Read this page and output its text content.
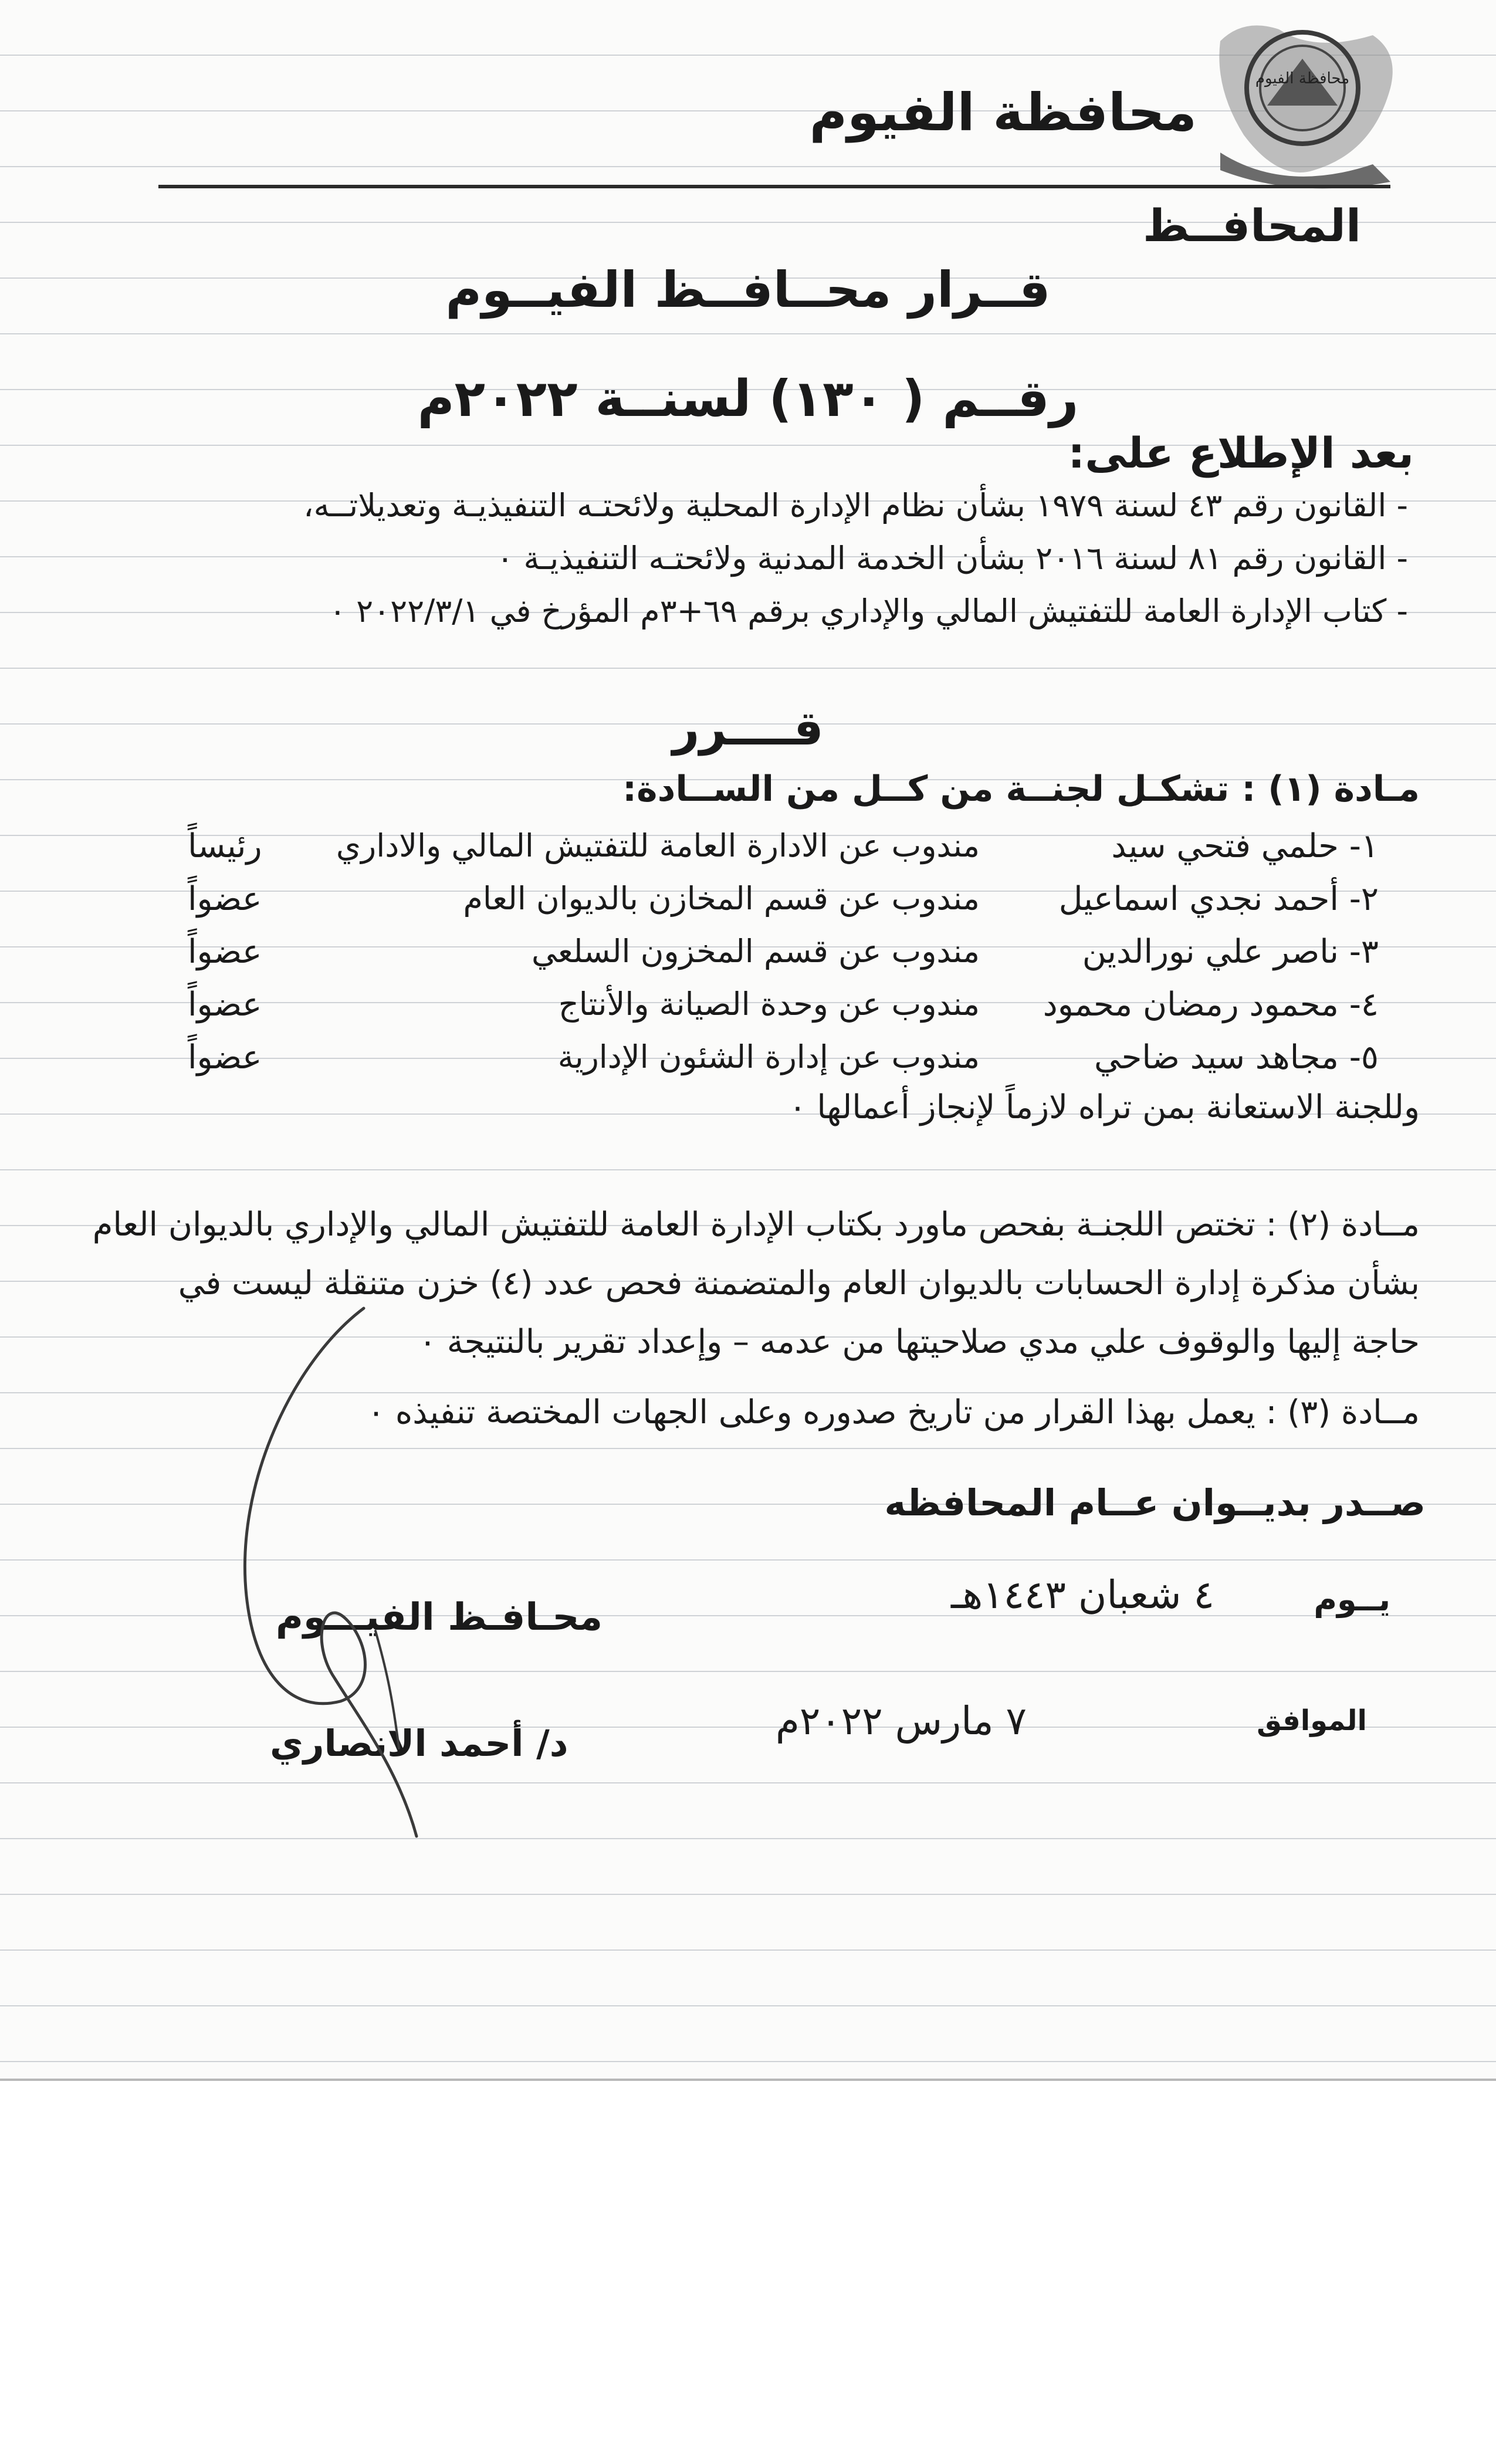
محافظة الفيوم
محافظة الفيوم
المحافــظ
قــرار محــافــظ الفيــوم
رقــم ( ١٣٠) لسنــة ٢٠٢٢م
بعد الإطلاع على:
- القانون رقم ٤٣ لسنة ١٩٧٩ بشأن نظام الإدارة المحلية ولائحتـه التنفيذيـة وتعديلاتــه،
- القانون رقم ٨١ لسنة ٢٠١٦ بشأن الخدمة المدنية ولائحتـه التنفيذيـة ٠
- كتاب الإدارة العامة للتفتيش المالي والإداري برقم ٦٩+٣م المؤرخ في ٢٠٢٢/٣/١ ٠
قــــرر
مـادة (١) : تشكـل لجنــة من كــل من الســادة:
١- حلمي فتحي سيد
مندوب عن الادارة العامة للتفتيش المالي والاداري
رئيساً
٢- أحمد نجدي اسماعيل
مندوب عن قسم المخازن بالديوان العام
عضواً
٣- ناصر علي نورالدين
مندوب عن قسم المخزون السلعي
عضواً
٤- محمود رمضان محمود
مندوب عن وحدة الصيانة والأنتاج
عضواً
٥- مجاهد سيد ضاحي
مندوب عن إدارة الشئون الإدارية
عضواً
وللجنة الاستعانة بمن تراه لازماً لإنجاز أعمالها ٠
مــادة (٢) : تختص اللجنـة بفحص ماورد بكتاب الإدارة العامة للتفتيش المالي والإداري بالديوان العام
بشأن مذكرة إدارة الحسابات بالديوان العام والمتضمنة فحص عدد (٤) خزن متنقلة ليست في
حاجة إليها والوقوف علي مدي صلاحيتها من عدمه – وإعداد تقرير بالنتيجة ٠
مــادة (٣) : يعمل بهذا القرار من تاريخ صدوره وعلى الجهات المختصة تنفيذه ٠
صــدر بديــوان عــام المحافظه
يــوم
٤ شعبان ١٤٤٣هـ
محـافـظ الفيـــوم
الموافق
٧ مارس ٢٠٢٢م
د/ أحمد الانصاري
